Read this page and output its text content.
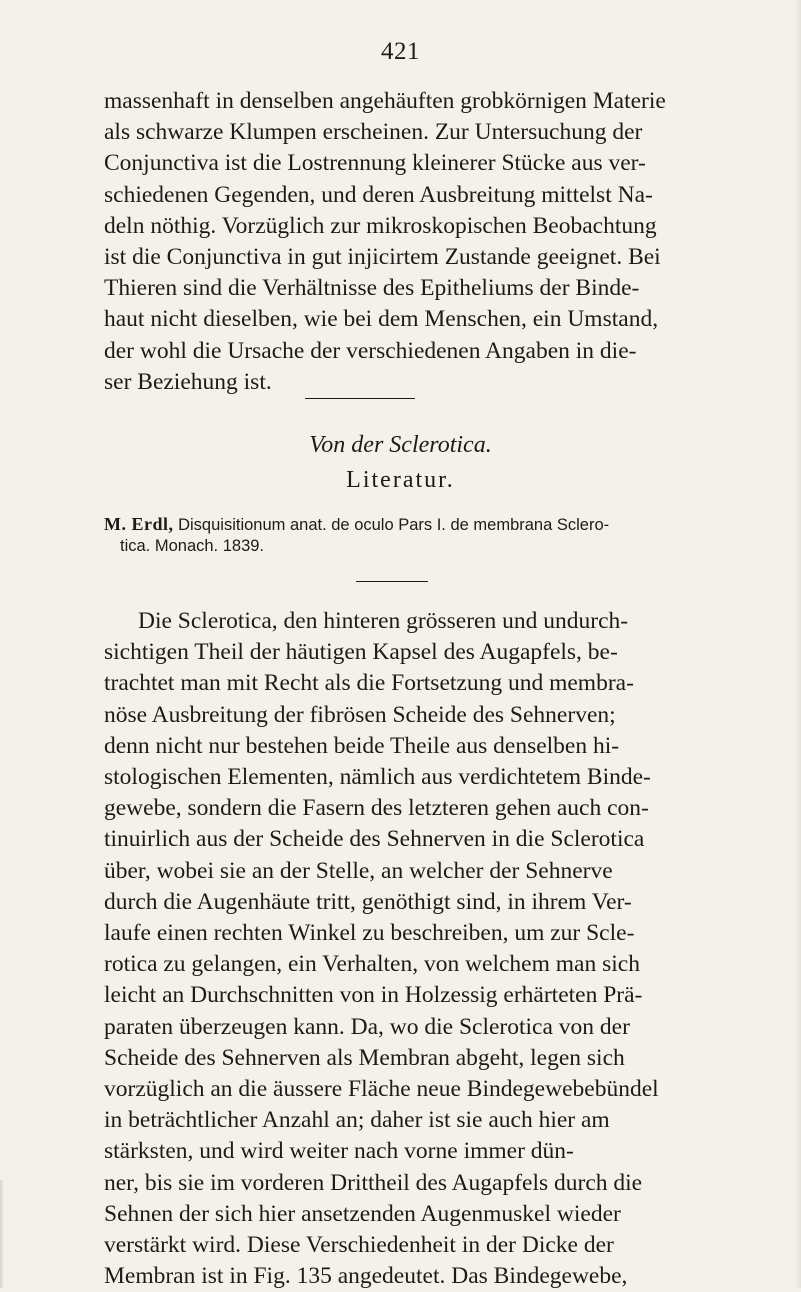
421

massenhaft in denselben angehäuften grobkörnigen Materie

als schwarze Klumpen erscheinen. Zur Untersuchung der

Conjunctiva ist die Lostrennung kleinerer Stücke aus ver-

schiedenen Gegenden, und deren Ausbreitung mittelst Na-

deln nöthig. Vorzüglich zur mikroskopischen Beobachtung

ist die Conjunctiva in gut injicirtem Zustande geeignet. Bei

Thieren sind die Verhältnisse des Epitheliums der Binde-

haut nicht dieselben, wie bei dem Menschen, ein Umstand,

der wohl die Ursache der verschiedenen Angaben in die-

ser Beziehung ist.

Von der Sclerotica.
Literatur.
M. Erdl, Disquisitionum anat. de oculo Pars I. de membrana Sclero-
tica. Monach. 1839.

Die Sclerotica, den hinteren grösseren und undurch-

sichtigen Theil der häutigen Kapsel des Augapfels, be-

trachtet man mit Recht als die Fortsetzung und membra-

nöse Ausbreitung der fibrösen Scheide des Sehnerven;

denn nicht nur bestehen beide Theile aus denselben hi-

stologischen Elementen, nämlich aus verdichtetem Binde-

gewebe, sondern die Fasern des letzteren gehen auch con-

tinuirlich aus der Scheide des Sehnerven in die Sclerotica

über, wobei sie an der Stelle, an welcher der Sehnerve

durch die Augenhäute tritt, genöthigt sind, in ihrem Ver-

laufe einen rechten Winkel zu beschreiben, um zur Scle-

rotica zu gelangen, ein Verhalten, von welchem man sich

leicht an Durchschnitten von in Holzessig erhärteten Prä-

paraten überzeugen kann. Da, wo die Sclerotica von der

Scheide des Sehnerven als Membran abgeht, legen sich

vorzüglich an die äussere Fläche neue Bindegewebebündel

in beträchtlicher Anzahl an; daher ist sie auch hier am

stärksten, und wird weiter nach vorne immer dün-

ner, bis sie im vorderen Drittheil des Augapfels durch die

Sehnen der sich hier ansetzenden Augenmuskel wieder

verstärkt wird. Diese Verschiedenheit in der Dicke der

Membran ist in Fig. 135 angedeutet. Das Bindegewebe,
